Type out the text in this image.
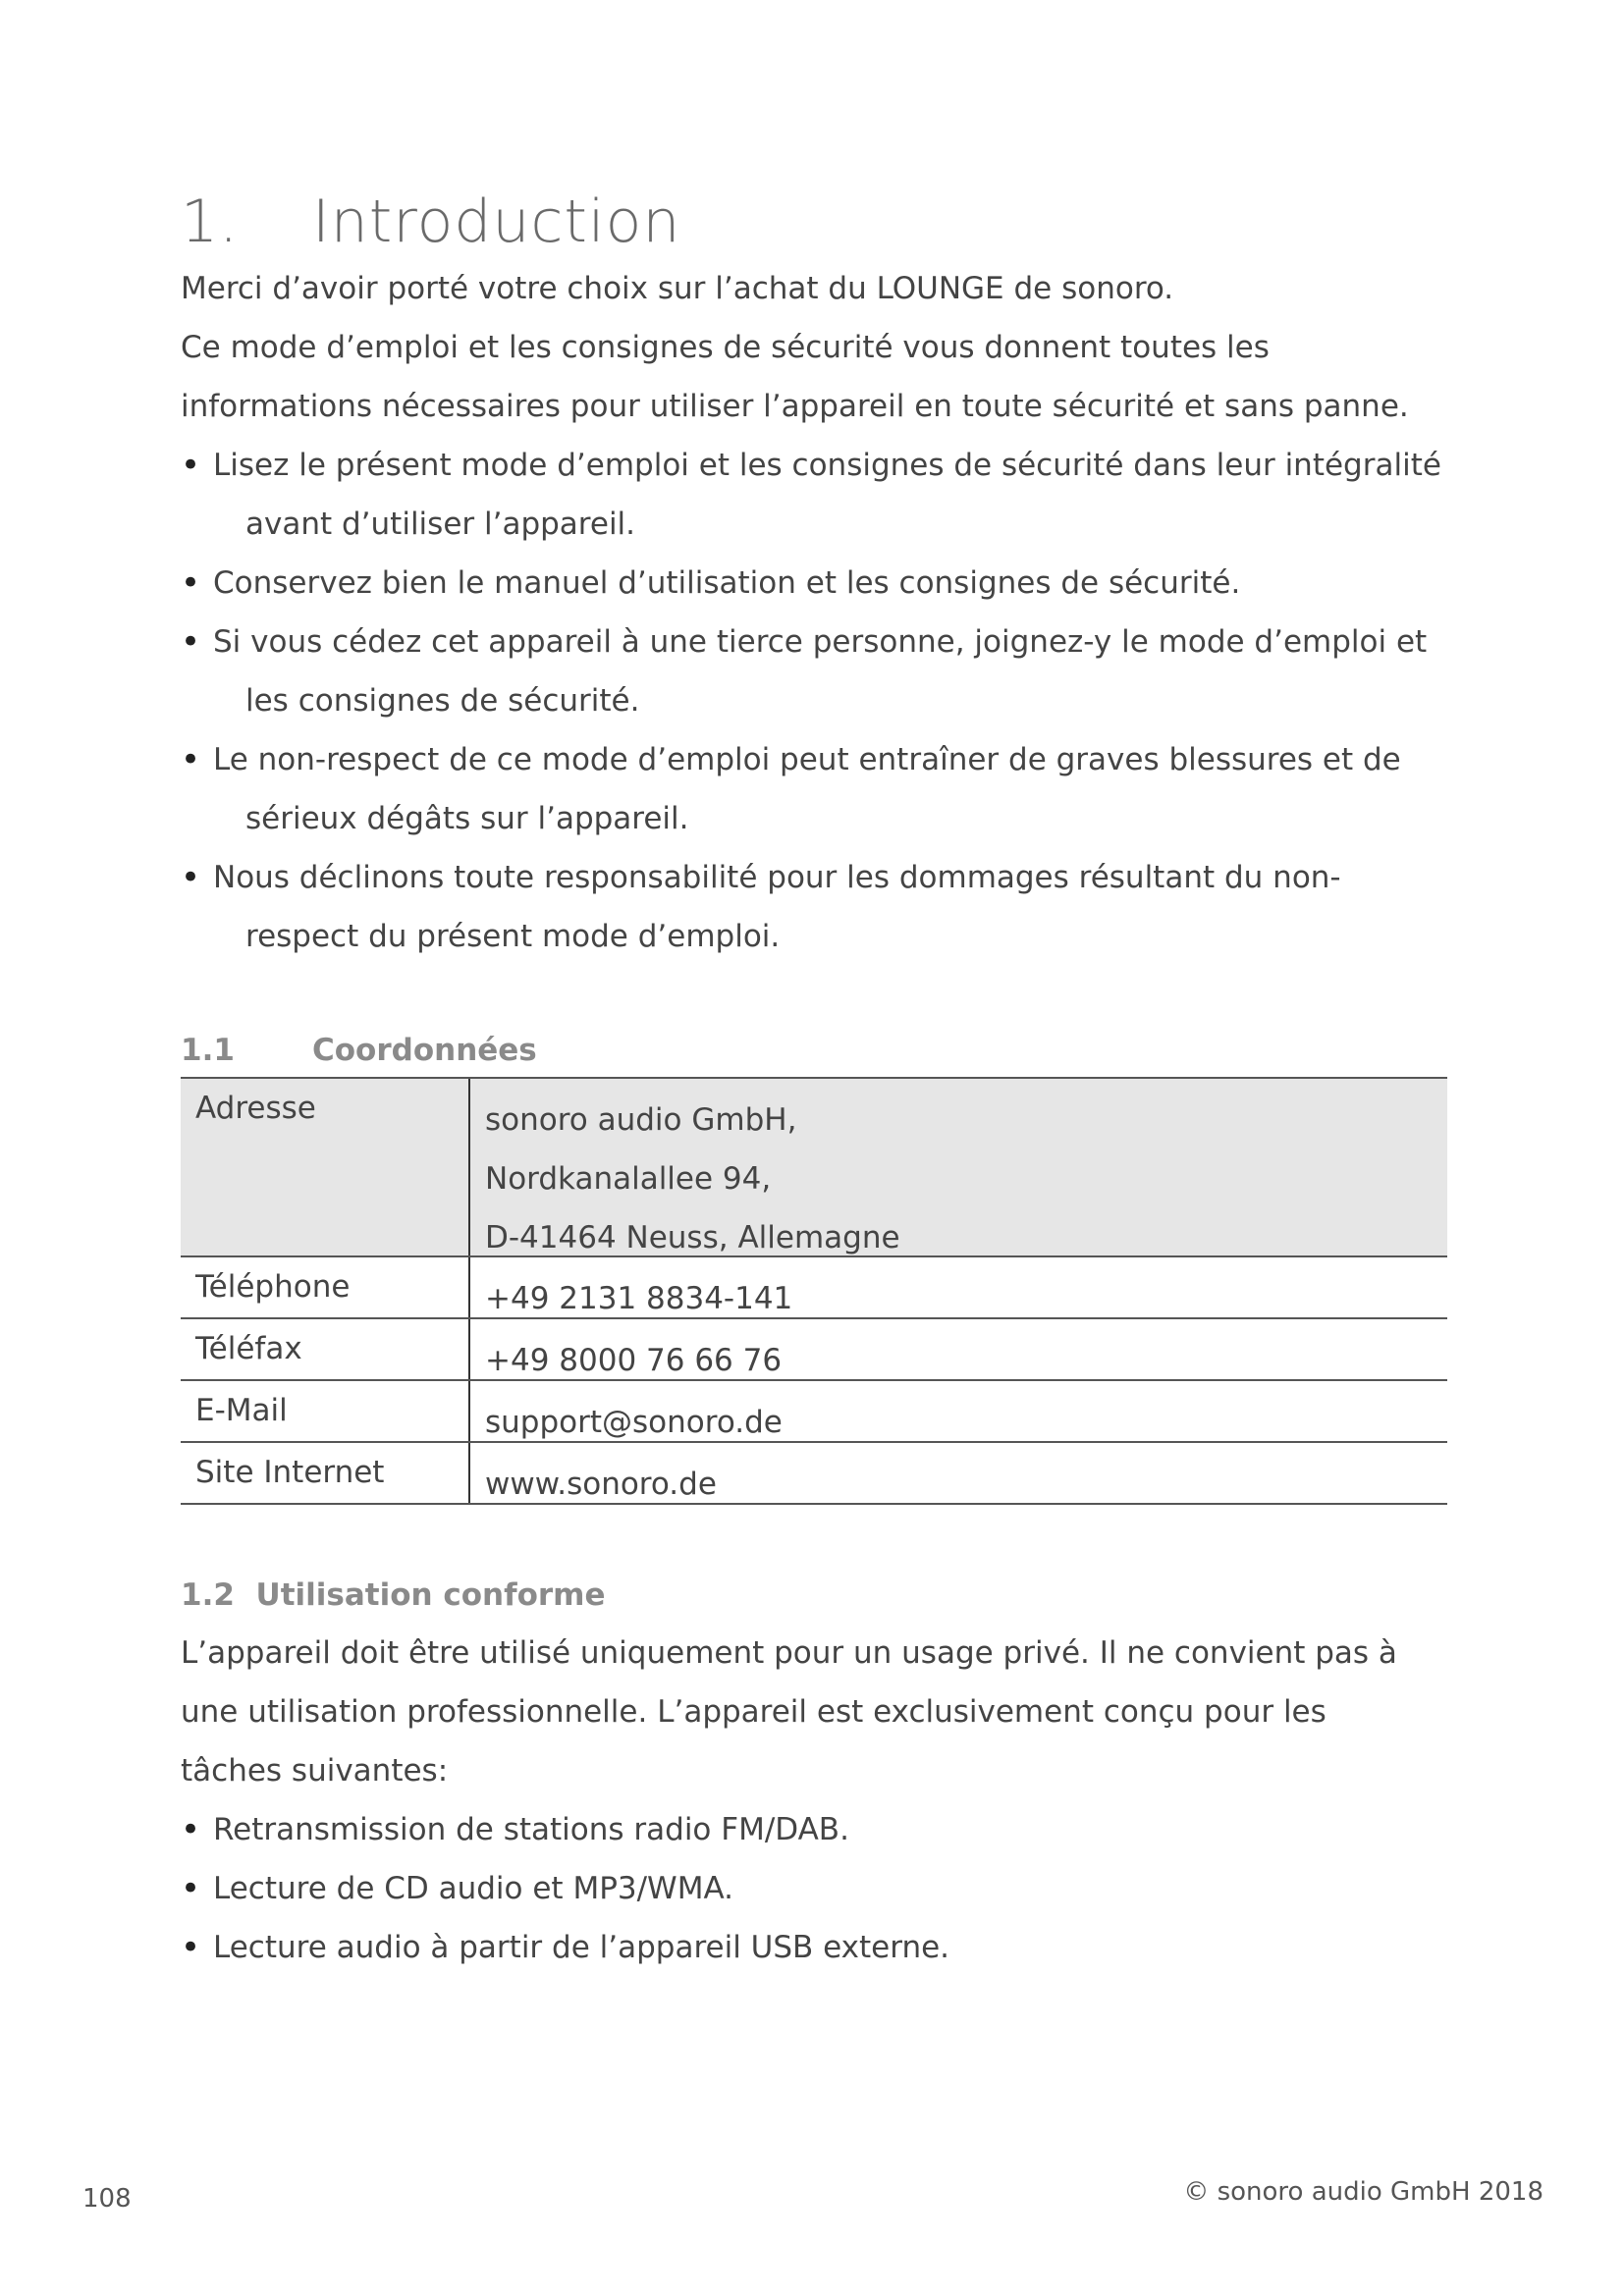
1. Introduction

Merci d’avoir porté votre choix sur l’achat du LOUNGE de sonoro.

Ce mode d’emploi et les consignes de sécurité vous donnent toutes les informations nécessaires pour utiliser l’appareil en toute sécurité et sans panne.

• Lisez le présent mode d’emploi et les consignes de sécurité dans leur intégralité
avant d’utiliser l’appareil.
• Conservez bien le manuel d’utilisation et les consignes de sécurité.
• Si vous cédez cet appareil à une tierce personne, joignez-y le mode d’emploi et
les consignes de sécurité.
• Le non-respect de ce mode d’emploi peut entraîner de graves blessures et de
sérieux dégâts sur l’appareil.
• Nous déclinons toute responsabilité pour les dommages résultant du non-
respect du présent mode d’emploi.
1.1	Coordonnées
Adresse	sonoro audio GmbH,
Nordkanalallee 94,
D-41464 Neuss, Allemagne
Téléphone	+49 2131 8834-141
Téléfax	+49 8000 76 66 76
E-Mail	support@sonoro.de
Site Internet	www.sonoro.de
1.2 Utilisation conforme

L’appareil doit être utilisé uniquement pour un usage privé. Il ne convient pas à une utilisation professionnelle. L’appareil est exclusivement conçu pour les tâches suivantes:

• Retransmission de stations radio FM/DAB.
• Lecture de CD audio et MP3/WMA.
• Lecture audio à partir de l’appareil USB externe.
108	© sonoro audio GmbH 2018
